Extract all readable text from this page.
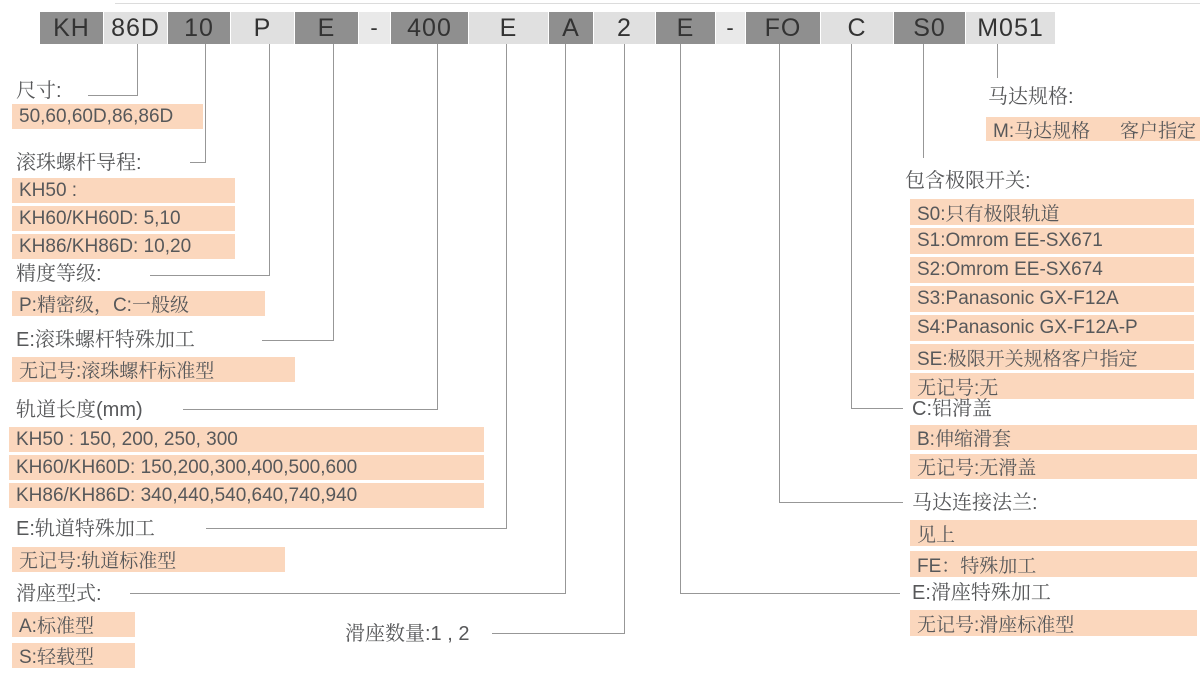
KH 86D 10	P	E	-	400	E	A	2	E	-	FO	C	S0	M051
尺寸:
50,60,60D,86,86D
滚珠螺杆导程:
KH50 :
KH60/KH60D: 5,10
KH86/KH86D: 10,20
精度等级:
P:精密级，C:一般级
E:滚珠螺杆特殊加工
无记号:滚珠螺杆标准型
轨道长度(mm)
KH50 : 150, 200, 250, 300
KH60/KH60D: 150,200,300,400,500,600
KH86/KH86D: 340,440,540,640,740,940
E:轨道特殊加工
无记号:轨道标准型
滑座型式:
A:标准型
S:轻载型
滑座数量:1 , 2
马达规格:
M:马达规格	客户指定
包含极限开关:
S0:只有极限轨道
S1:Omrom EE-SX671
S2:Omrom EE-SX674
S3:Panasonic GX-F12A
S4:Panasonic GX-F12A-P
SE:极限开关规格客户指定
无记号:无
C:铝滑盖
B:伸缩滑套
无记号:无滑盖
马达连接法兰:
见上
FE：特殊加工
E:滑座特殊加工
无记号:滑座标准型
